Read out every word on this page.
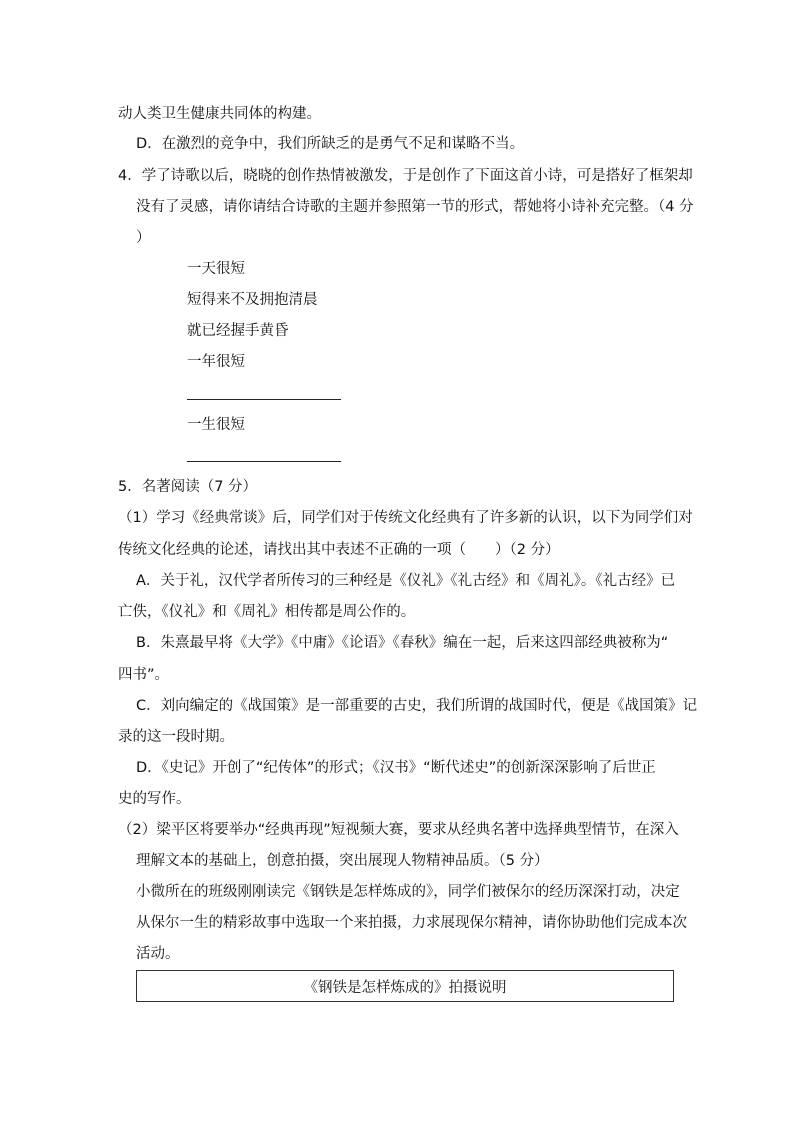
动人类卫生健康共同体的构建。
D．在激烈的竞争中，我们所缺乏的是勇气不足和谋略不当。
4．学了诗歌以后，晓晓的创作热情被激发，于是创作了下面这首小诗，可是搭好了框架却
没有了灵感，请你请结合诗歌的主题并参照第一节的形式，帮她将小诗补充完整。（4 分
）
一天很短
短得来不及拥抱清晨
就已经握手黄昏
一年很短
一生很短
5．名著阅读（7 分）
（1）学习《经典常谈》后，同学们对于传统文化经典有了许多新的认识，以下为同学们对
传统文化经典的论述，请找出其中表述不正确的一项（　　）（2 分）
A．关于礼，汉代学者所传习的三种经是《仪礼》《礼古经》和《周礼》。《礼古经》已
亡佚，《仪礼》和《周礼》相传都是周公作的。
B．朱熹最早将《大学》《中庸》《论语》《春秋》编在一起，后来这四部经典被称为“
四书”。
C．刘向编定的《战国策》是一部重要的古史，我们所谓的战国时代，便是《战国策》记
录的这一段时期。
D．《史记》开创了“纪传体”的形式；《汉书》“断代述史”的创新深深影响了后世正
史的写作。
（2）梁平区将要举办“经典再现”短视频大赛，要求从经典名著中选择典型情节，在深入
理解文本的基础上，创意拍摄，突出展现人物精神品质。（5 分）
小微所在的班级刚刚读完《钢铁是怎样炼成的》，同学们被保尔的经历深深打动，决定
从保尔一生的精彩故事中选取一个来拍摄，力求展现保尔精神，请你协助他们完成本次
活动。
《钢铁是怎样炼成的》拍摄说明
